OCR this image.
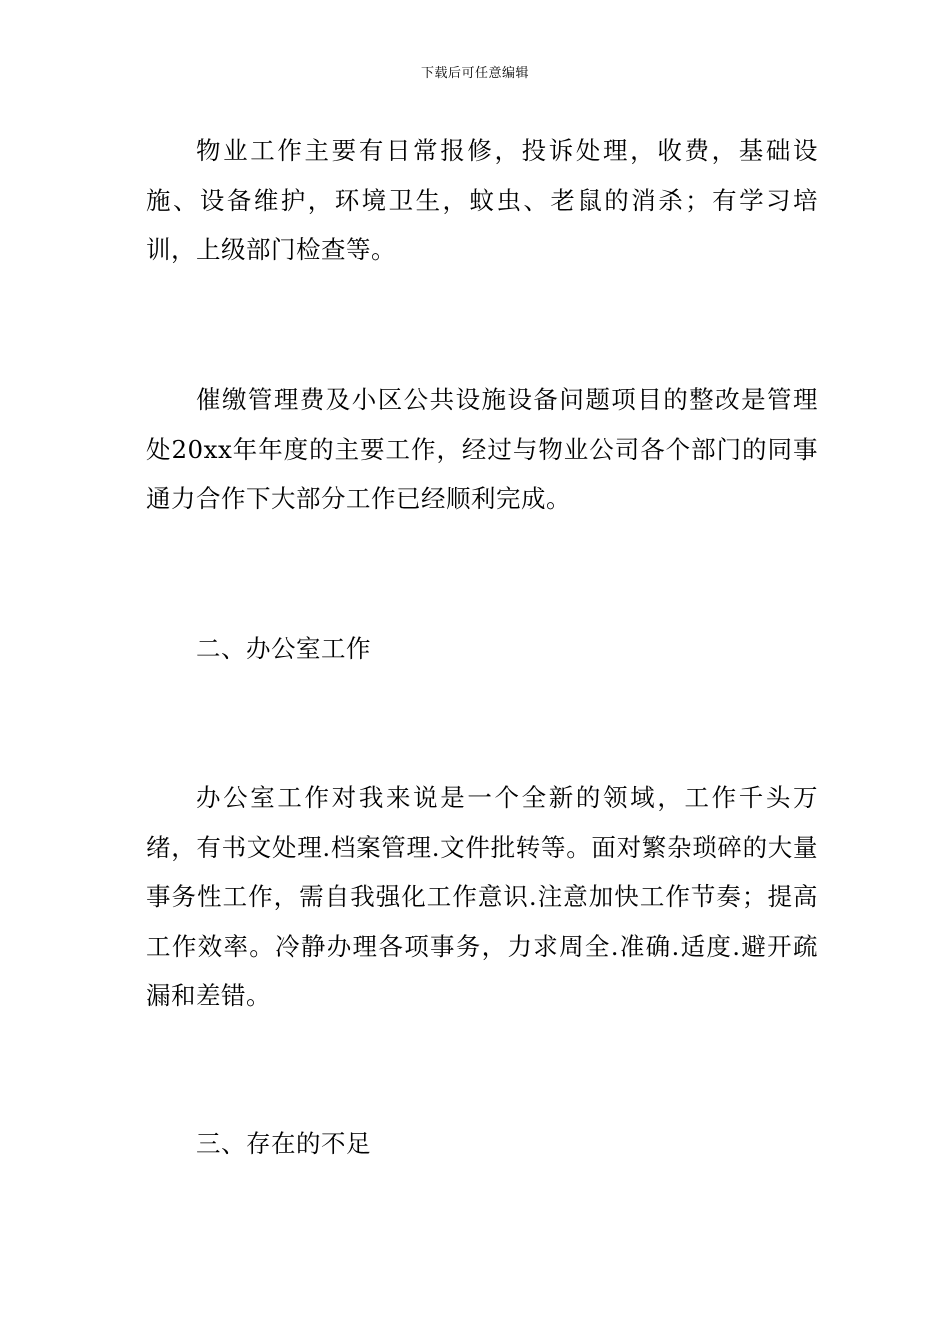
下载后可任意编辑

物业工作主要有日常报修，投诉处理，收费，基础设施、设备维护，环境卫生，蚊虫、老鼠的消杀；有学习培训，上级部门检查等。

催缴管理费及小区公共设施设备问题项目的整改是管理处20xx年年度的主要工作，经过与物业公司各个部门的同事通力合作下大部分工作已经顺利完成。

二、办公室工作

办公室工作对我来说是一个全新的领域，工作千头万绪，有书文处理.档案管理.文件批转等。面对繁杂琐碎的大量事务性工作，需自我强化工作意识.注意加快工作节奏；提高工作效率。冷静办理各项事务，力求周全.准确.适度.避开疏漏和差错。

三、存在的不足
